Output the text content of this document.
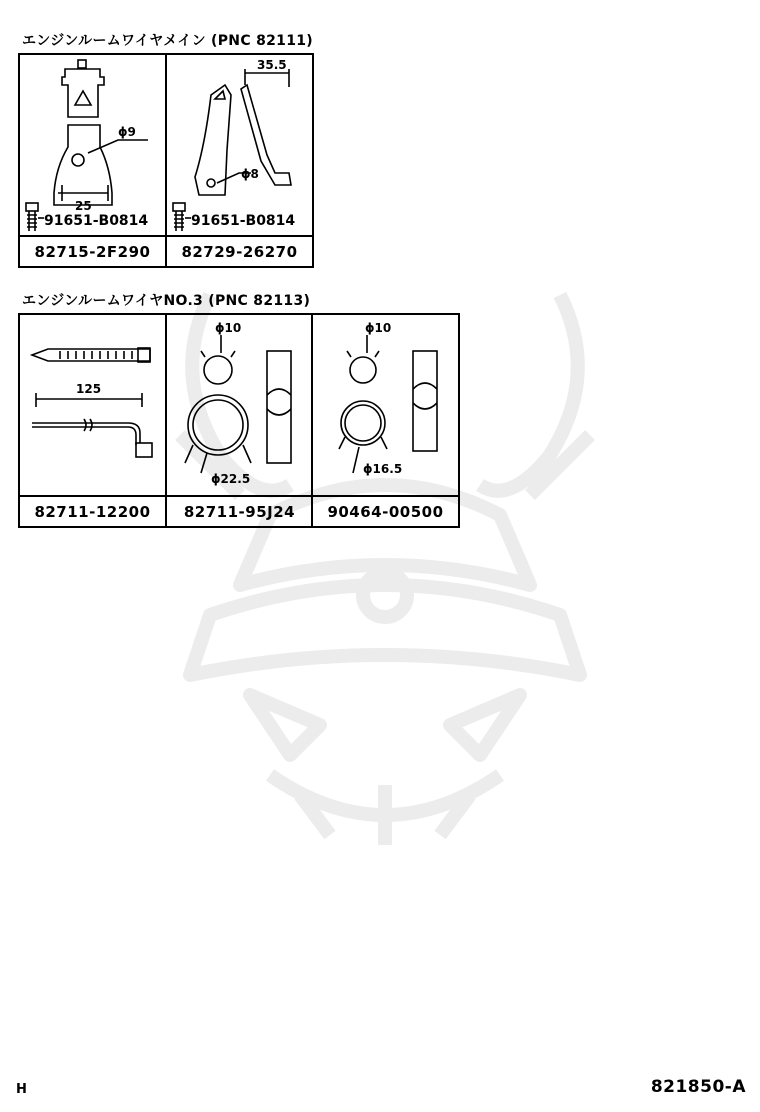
エンジンルームワイヤメイン (PNC 82111)
ϕ9
25
91651-B0814
82715-2F290
35.5
ϕ8
91651-B0814
82729-26270
エンジンルームワイヤNO.3 (PNC 82113)
125
82711-12200
ϕ10
ϕ22.5
82711-95J24
ϕ10
ϕ16.5
90464-00500
H	821850-A
